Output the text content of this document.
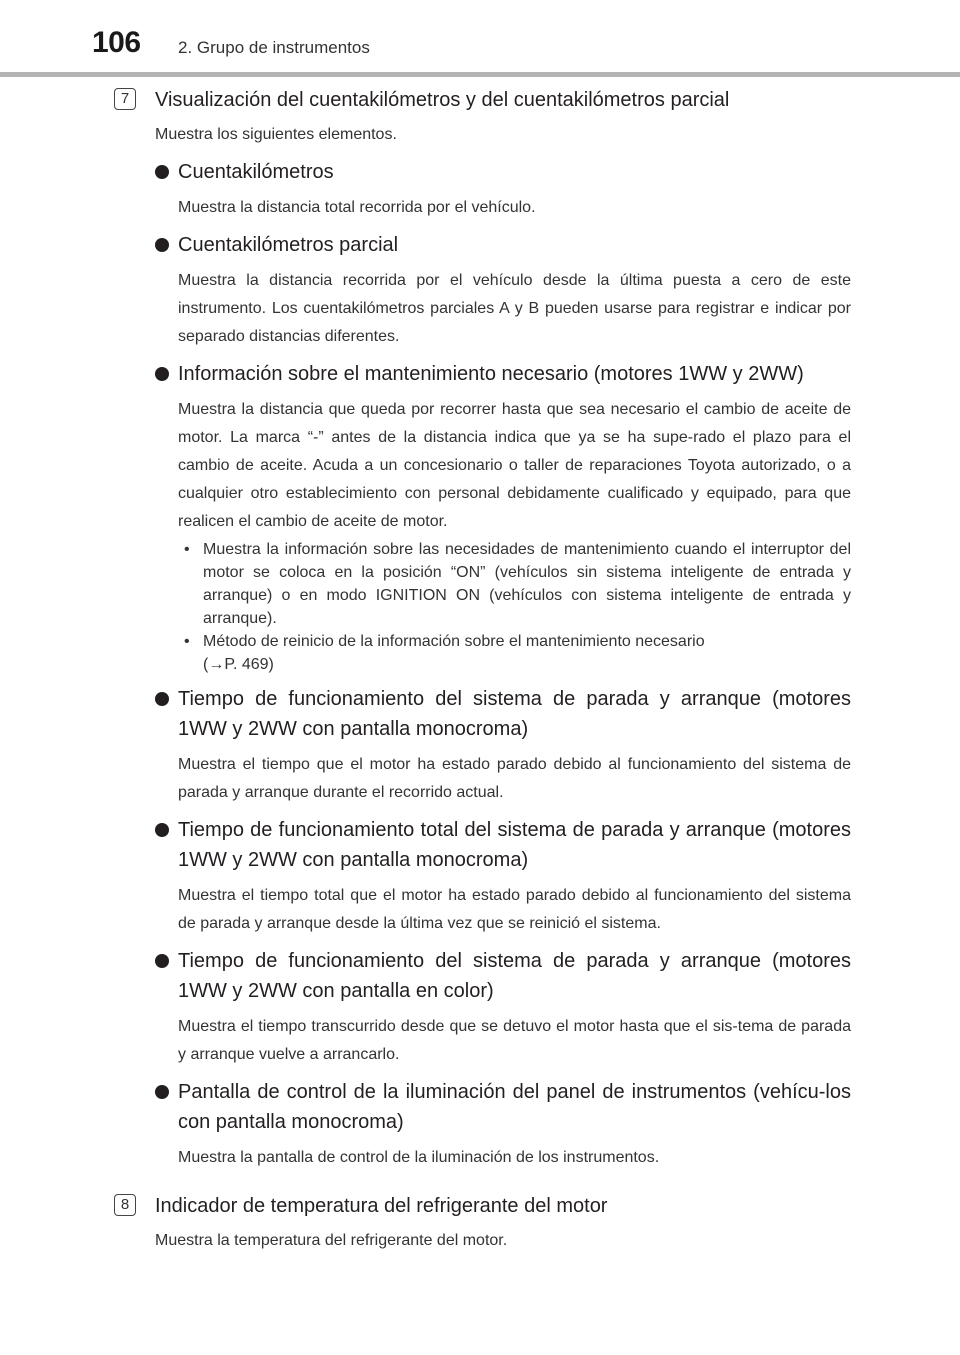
106 2. Grupo de instrumentos
7	Visualización del cuentakilómetros y del cuentakilómetros parcial
Muestra los siguientes elementos.
Cuentakilómetros
Muestra la distancia total recorrida por el vehículo.
Cuentakilómetros parcial
Muestra la distancia recorrida por el vehículo desde la última puesta a cero de este instrumento. Los cuentakilómetros parciales A y B pueden usarse para registrar e indicar por separado distancias diferentes.
Información sobre el mantenimiento necesario (motores 1WW y 2WW)
Muestra la distancia que queda por recorrer hasta que sea necesario el cambio de aceite de motor. La marca “-” antes de la distancia indica que ya se ha supe-rado el plazo para el cambio de aceite. Acuda a un concesionario o taller de reparaciones Toyota autorizado, o a cualquier otro establecimiento con personal debidamente cualificado y equipado, para que realicen el cambio de aceite de motor.
• Muestra la información sobre las necesidades de mantenimiento cuando el interruptor del motor se coloca en la posición “ON” (vehículos sin sistema inteligente de entrada y arranque) o en modo IGNITION ON (vehículos con sistema inteligente de entrada y arranque).
• Método de reinicio de la información sobre el mantenimiento necesario
(→P. 469)
Tiempo de funcionamiento del sistema de parada y arranque (motores 1WW y 2WW con pantalla monocroma)
Muestra el tiempo que el motor ha estado parado debido al funcionamiento del sistema de parada y arranque durante el recorrido actual.
Tiempo de funcionamiento total del sistema de parada y arranque (motores 1WW y 2WW con pantalla monocroma)
Muestra el tiempo total que el motor ha estado parado debido al funcionamiento del sistema de parada y arranque desde la última vez que se reinició el sistema.
Tiempo de funcionamiento del sistema de parada y arranque (motores 1WW y 2WW con pantalla en color)
Muestra el tiempo transcurrido desde que se detuvo el motor hasta que el sis-tema de parada y arranque vuelve a arrancarlo.
Pantalla de control de la iluminación del panel de instrumentos (vehícu-los con pantalla monocroma)
Muestra la pantalla de control de la iluminación de los instrumentos.
8	Indicador de temperatura del refrigerante del motor
Muestra la temperatura del refrigerante del motor.
